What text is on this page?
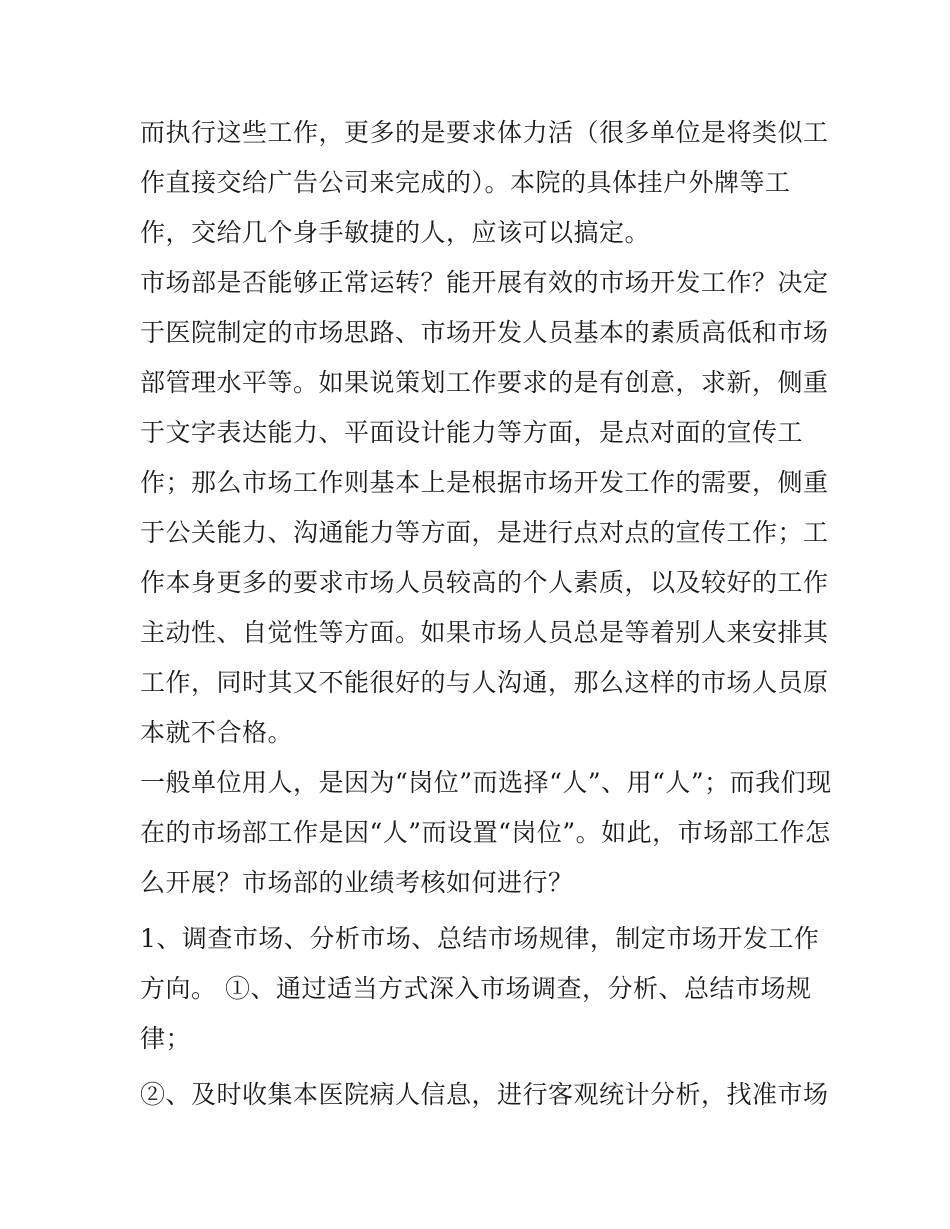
而执行这些工作，更多的是要求体力活（很多单位是将类似工
作直接交给广告公司来完成的）。本院的具体挂户外牌等工
作，交给几个身手敏捷的人，应该可以搞定。
市场部是否能够正常运转？能开展有效的市场开发工作？决定
于医院制定的市场思路、市场开发人员基本的素质高低和市场
部管理水平等。如果说策划工作要求的是有创意，求新，侧重
于文字表达能力、平面设计能力等方面，是点对面的宣传工
作；那么市场工作则基本上是根据市场开发工作的需要，侧重
于公关能力、沟通能力等方面，是进行点对点的宣传工作；工
作本身更多的要求市场人员较高的个人素质，以及较好的工作
主动性、自觉性等方面。如果市场人员总是等着别人来安排其
工作，同时其又不能很好的与人沟通，那么这样的市场人员原
本就不合格。
一般单位用人，是因为“岗位”而选择“人”、用“人”；而我们现
在的市场部工作是因“人”而设置“岗位”。如此，市场部工作怎
么开展？市场部的业绩考核如何进行？
1、调查市场、分析市场、总结市场规律，制定市场开发工作
方向。 ①、通过适当方式深入市场调查，分析、总结市场规
律；
②、及时收集本医院病人信息，进行客观统计分析，找准市场
